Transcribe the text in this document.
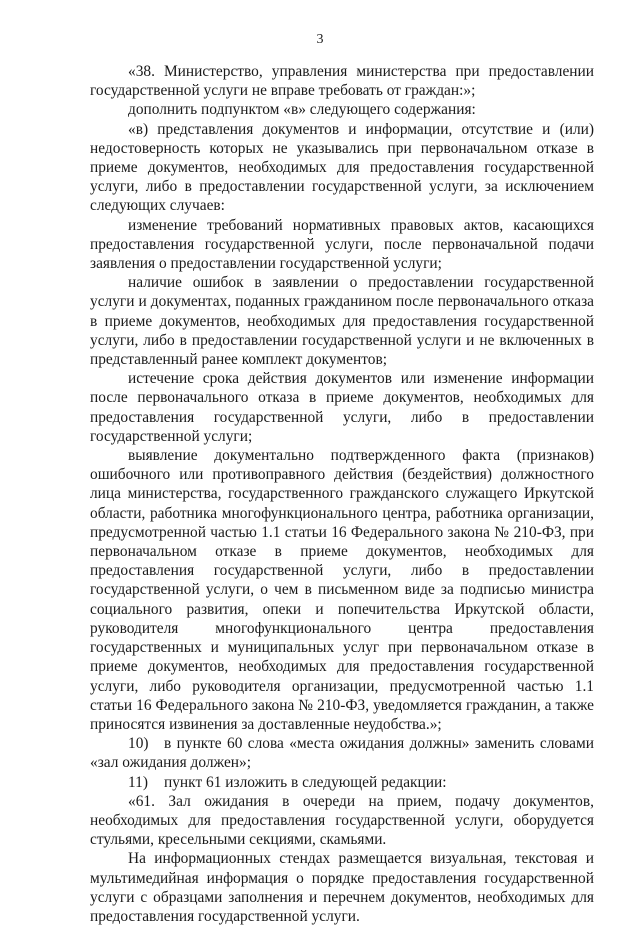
3

«38. Министерство, управления министерства при предоставлении государственной услуги не вправе требовать от граждан:»;

дополнить подпунктом «в» следующего содержания:

«в) представления документов и информации, отсутствие и (или) недостоверность которых не указывались при первоначальном отказе в приеме документов, необходимых для предоставления государственной услуги, либо в предоставлении государственной услуги, за исключением следующих случаев:

изменение требований нормативных правовых актов, касающихся предоставления государственной услуги, после первоначальной подачи заявления о предоставлении государственной услуги;

наличие ошибок в заявлении о предоставлении государственной услуги и документах, поданных гражданином после первоначального отказа в приеме документов, необходимых для предоставления государственной услуги, либо в предоставлении государственной услуги и не включенных в представленный ранее комплект документов;

истечение срока действия документов или изменение информации после первоначального отказа в приеме документов, необходимых для предоставления государственной услуги, либо в предоставлении государственной услуги;

выявление документально подтвержденного факта (признаков) ошибочного или противоправного действия (бездействия) должностного лица министерства, государственного гражданского служащего Иркутской области, работника многофункционального центра, работника организации, предусмотренной частью 1.1 статьи 16 Федерального закона № 210-ФЗ, при первоначальном отказе в приеме документов, необходимых для предоставления государственной услуги, либо в предоставлении государственной услуги, о чем в письменном виде за подписью министра социального развития, опеки и попечительства Иркутской области, руководителя многофункционального центра предоставления государственных и муниципальных услуг при первоначальном отказе в приеме документов, необходимых для предоставления государственной услуги, либо руководителя организации, предусмотренной частью 1.1 статьи 16 Федерального закона № 210-ФЗ, уведомляется гражданин, а также приносятся извинения за доставленные неудобства.»;

10) в пункте 60 слова «места ожидания должны» заменить словами «зал ожидания должен»;

11) пункт 61 изложить в следующей редакции:

«61. Зал ожидания в очереди на прием, подачу документов, необходимых для предоставления государственной услуги, оборудуется стульями, кресельными секциями, скамьями.

На информационных стендах размещается визуальная, текстовая и мультимедийная информация о порядке предоставления государственной услуги с образцами заполнения и перечнем документов, необходимых для предоставления государственной услуги.
